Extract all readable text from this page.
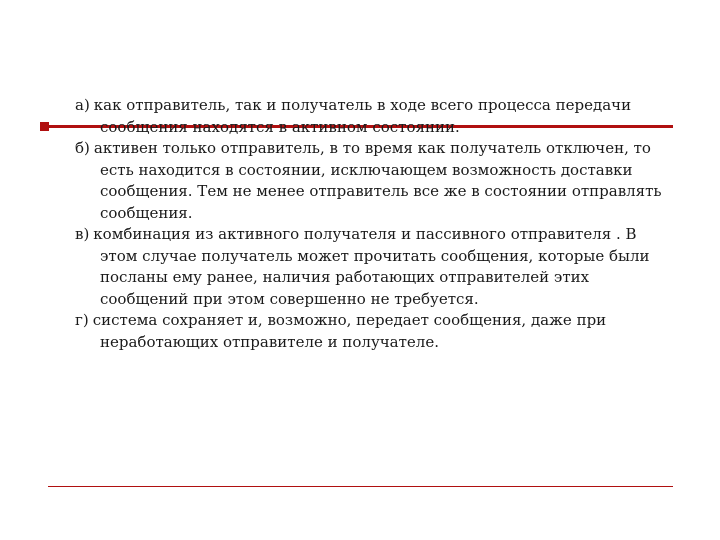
а) как отправитель, так и получатель в ходе всего процесса передачи сообщения находятся в активном состоянии.
б) активен только отправитель, в то время как получатель отключен, то есть находится в состоянии, исключающем возможность доставки сообщения. Тем не менее отправитель все же в состоянии отправлять сообщения.
в) комбинация из активного получателя и пассивного отправителя . В этом случае получатель может прочитать сообщения, которые были посланы ему ранее, наличия работающих отправителей этих сообщений при этом совершенно не требуется.
г) система сохраняет и, возможно, передает сообщения, даже при неработающих отправителе и получателе.
